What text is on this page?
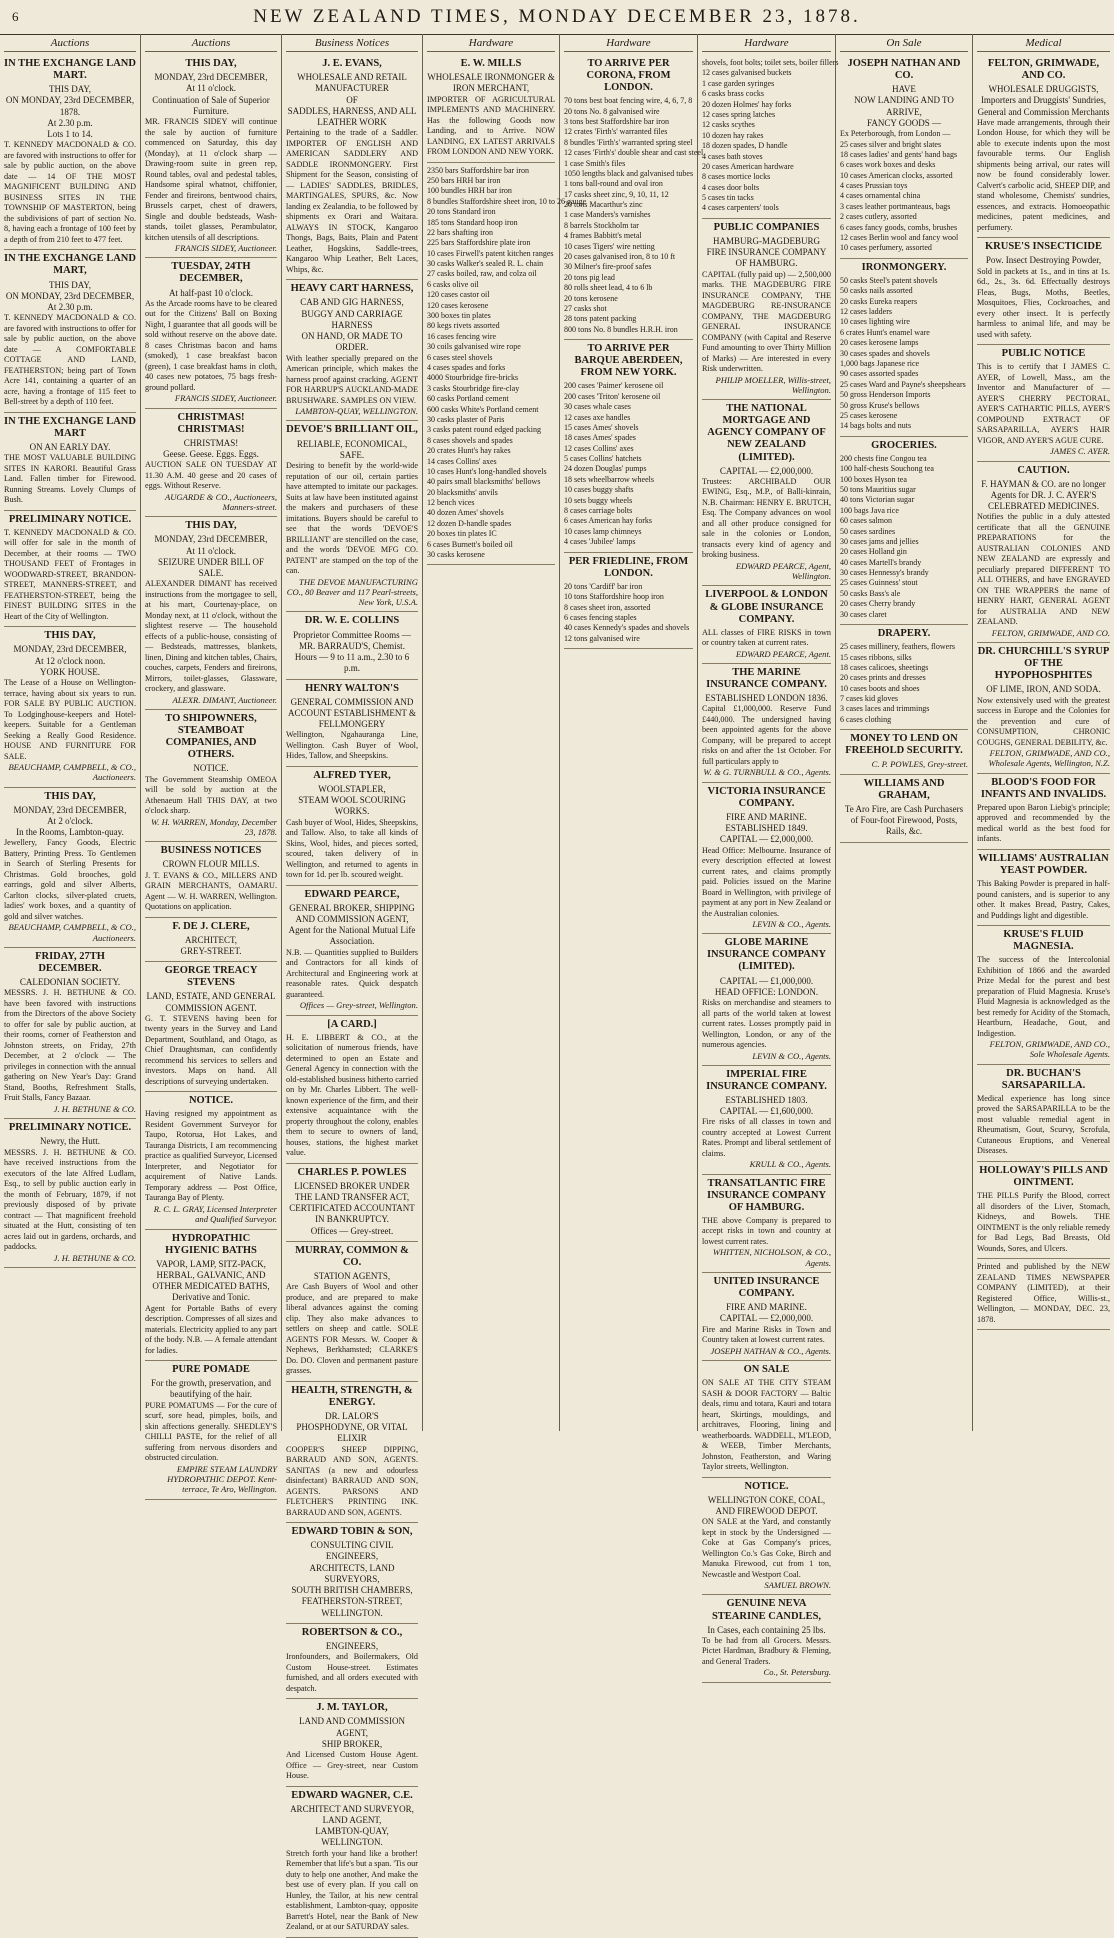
6	NEW ZEALAND TIMES, MONDAY DECEMBER 23, 1878.
Auctions
IN THE EXCHANGE LAND MART.
THIS DAY,
ON MONDAY, 23rd DECEMBER, 1878.
At 2.30 p.m.
Lots 1 to 14.
T. KENNEDY MACDONALD & CO. are favored with instructions to offer for sale by public auction, on the above date — 14 OF THE MOST MAGNIFICENT BUILDING AND BUSINESS SITES IN THE TOWNSHIP OF MASTERTON, being the subdivisions of part of section No. 8, having each a frontage of 100 feet by a depth of from 210 feet to 477 feet.
IN THE EXCHANGE LAND MART,
THIS DAY,
ON MONDAY, 23rd DECEMBER,
At 2.30 p.m.
T. KENNEDY MACDONALD & CO. are favored with instructions to offer for sale by public auction, on the above date — A COMFORTABLE COTTAGE AND LAND, FEATHERSTON; being part of Town Acre 141, containing a quarter of an acre, having a frontage of 115 feet to Bell-street by a depth of 110 feet.
IN THE EXCHANGE LAND MART
ON AN EARLY DAY.
THE MOST VALUABLE BUILDING SITES IN KARORI. Beautiful Grass Land. Fallen timber for Firewood. Running Streams. Lovely Clumps of Bush.
PRELIMINARY NOTICE.
T. KENNEDY MACDONALD & CO. will offer for sale in the month of December, at their rooms — TWO THOUSAND FEET of Frontages in WOODWARD-STREET, BRANDON-STREET, MANNERS-STREET, and FEATHERSTON-STREET, being the FINEST BUILDING SITES in the Heart of the City of Wellington.
THIS DAY,
MONDAY, 23rd DECEMBER,
At 12 o'clock noon.
YORK HOUSE.
The Lease of a House on Wellington-terrace, having about six years to run. FOR SALE BY PUBLIC AUCTION. To Lodginghouse-keepers and Hotel-keepers. Suitable for a Gentleman Seeking a Really Good Residence. HOUSE AND FURNITURE FOR SALE.
BEAUCHAMP, CAMPBELL, & CO., Auctioneers.
THIS DAY,
MONDAY, 23rd DECEMBER,
At 2 o'clock.
In the Rooms, Lambton-quay.
Jewellery, Fancy Goods, Electric Battery, Printing Press. To Gentlemen in Search of Sterling Presents for Christmas. Gold brooches, gold earrings, gold and silver Alberts, Carlton clocks, silver-plated cruets, ladies' work boxes, and a quantity of gold and silver watches.
BEAUCHAMP, CAMPBELL, & CO., Auctioneers.
FRIDAY, 27TH DECEMBER.
CALEDONIAN SOCIETY.
MESSRS. J. H. BETHUNE & CO. have been favored with instructions from the Directors of the above Society to offer for sale by public auction, at their rooms, corner of Featherston and Johnston streets, on Friday, 27th December, at 2 o'clock — The privileges in connection with the annual gathering on New Year's Day: Grand Stand, Booths, Refreshment Stalls, Fruit Stalls, Fancy Bazaar.
J. H. BETHUNE & CO.
PRELIMINARY NOTICE.
Newry, the Hutt.
MESSRS. J. H. BETHUNE & CO. have received instructions from the executors of the late Alfred Ludlam, Esq., to sell by public auction early in the month of February, 1879, if not previously disposed of by private contract — That magnificent freehold situated at the Hutt, consisting of ten acres laid out in gardens, orchards, and paddocks.
J. H. BETHUNE & CO.
Auctions
THIS DAY,
MONDAY, 23rd DECEMBER,
At 11 o'clock.
Continuation of Sale of Superior Furniture.
MR. FRANCIS SIDEY will continue the sale by auction of furniture commenced on Saturday, this day (Monday), at 11 o'clock sharp — Drawing-room suite in green rep, Round tables, oval and pedestal tables, Handsome spiral whatnot, chiffonier, Fender and fireirons, bentwood chairs, Brussels carpet, chest of drawers, Single and double bedsteads, Wash-stands, toilet glasses, Perambulator, kitchen utensils of all descriptions.
FRANCIS SIDEY, Auctioneer.
TUESDAY, 24TH DECEMBER,
At half-past 10 o'clock.
As the Arcade rooms have to be cleared out for the Citizens' Ball on Boxing Night, I guarantee that all goods will be sold without reserve on the above date. 8 cases Christmas bacon and hams (smoked), 1 case breakfast bacon (green), 1 case breakfast hams in cloth, 40 cases new potatoes, 75 bags fresh-ground pollard.
FRANCIS SIDEY, Auctioneer.
CHRISTMAS! CHRISTMAS!
CHRISTMAS!
Geese. Geese. Eggs. Eggs.
AUCTION SALE ON TUESDAY AT 11.30 A.M. 40 geese and 20 cases of eggs. Without Reserve.
AUGARDE & CO., Auctioneers, Manners-street.
THIS DAY,
MONDAY, 23rd DECEMBER,
At 11 o'clock.
SEIZURE UNDER BILL OF SALE.
ALEXANDER DIMANT has received instructions from the mortgagee to sell, at his mart, Courtenay-place, on Monday next, at 11 o'clock, without the slightest reserve — The household effects of a public-house, consisting of — Bedsteads, mattresses, blankets, linen, Dining and kitchen tables, Chairs, couches, carpets, Fenders and fireirons, Mirrors, toilet-glasses, Glassware, crockery, and glassware.
ALEXR. DIMANT, Auctioneer.
TO SHIPOWNERS, STEAMBOAT COMPANIES, AND OTHERS.
NOTICE.
The Government Steamship OMEOA will be sold by auction at the Athenaeum Hall THIS DAY, at two o'clock sharp.
W. H. WARREN, Monday, December 23, 1878.
BUSINESS NOTICES
CROWN FLOUR MILLS.
J. T. EVANS & CO., MILLERS AND GRAIN MERCHANTS, OAMARU. Agent — W. H. WARREN, Wellington. Quotations on application.
F. DE J. CLERE,
ARCHITECT,
GREY-STREET.
GEORGE TREACY STEVENS
LAND, ESTATE, AND GENERAL COMMISSION AGENT.
G. T. STEVENS having been for twenty years in the Survey and Land Department, Southland, and Otago, as Chief Draughtsman, can confidently recommend his services to sellers and investors. Maps on hand. All descriptions of surveying undertaken.
NOTICE.
Having resigned my appointment as Resident Government Surveyor for Taupo, Rotorua, Hot Lakes, and Tauranga Districts, I am recommencing practice as qualified Surveyor, Licensed Interpreter, and Negotiator for acquirement of Native Lands. Temporary address — Post Office, Tauranga Bay of Plenty.
R. C. L. GRAY, Licensed Interpreter and Qualified Surveyor.
HYDROPATHIC HYGIENIC BATHS
VAPOR, LAMP, SITZ-PACK, HERBAL, GALVANIC, AND OTHER MEDICATED BATHS,
Derivative and Tonic.
Agent for Portable Baths of every description. Compresses of all sizes and materials. Electricity applied to any part of the body. N.B. — A female attendant for ladies.
PURE POMADE
For the growth, preservation, and beautifying of the hair.
PURE POMATUMS — For the cure of scurf, sore head, pimples, boils, and skin affections generally. SHEDLEY'S CHILLI PASTE, for the relief of all suffering from nervous disorders and obstructed circulation.
EMPIRE STEAM LAUNDRY HYDROPATHIC DEPOT. Kent-terrace, Te Aro, Wellington.
Business Notices
J. E. EVANS,
WHOLESALE AND RETAIL MANUFACTURER
OF
SADDLES, HARNESS, AND ALL LEATHER WORK
Pertaining to the trade of a Saddler. IMPORTER OF ENGLISH AND AMERICAN SADDLERY AND SADDLE IRONMONGERY. First Shipment for the Season, consisting of — LADIES' SADDLES, BRIDLES, MARTINGALES, SPURS, &c. Now landing ex Zealandia, to be followed by shipments ex Orari and Waitara. ALWAYS IN STOCK, Kangaroo Thongs, Bags, Baits, Plain and Patent Leather, Hogskins, Saddle-trees, Kangaroo Whip Leather, Belt Laces, Whips, &c.
HEAVY CART HARNESS,
CAB AND GIG HARNESS,
BUGGY AND CARRIAGE HARNESS
ON HAND, OR MADE TO ORDER.
With leather specially prepared on the American principle, which makes the harness proof against cracking. AGENT FOR HARRUP'S AUCKLAND-MADE BRUSHWARE. SAMPLES ON VIEW.
LAMBTON-QUAY, WELLINGTON.
DEVOE'S BRILLIANT OIL,
RELIABLE, ECONOMICAL, SAFE.
Desiring to benefit by the world-wide reputation of our oil, certain parties have attempted to imitate our packages. Suits at law have been instituted against the makers and purchasers of these imitations. Buyers should be careful to see that the words 'DEVOE'S BRILLIANT' are stencilled on the case, and the words 'DEVOE MFG CO. PATENT' are stamped on the top of the can.
THE DEVOE MANUFACTURING CO., 80 Beaver and 117 Pearl-streets, New York, U.S.A.
DR. W. E. COLLINS
Proprietor Committee Rooms — MR. BARRAUD'S, Chemist.
Hours — 9 to 11 a.m., 2.30 to 6 p.m.
HENRY WALTON'S
GENERAL COMMISSION AND ACCOUNT ESTABLISHMENT & FELLMONGERY
Wellington, Ngahauranga Line, Wellington. Cash Buyer of Wool, Hides, Tallow, and Sheepskins.
ALFRED TYER,
WOOLSTAPLER,
STEAM WOOL SCOURING WORKS.
Cash buyer of Wool, Hides, Sheepskins, and Tallow. Also, to take all kinds of Skins, Wool, hides, and pieces sorted, scoured, taken delivery of in Wellington, and returned to agents in town for 1d. per lb. scoured weight.
EDWARD PEARCE,
GENERAL BROKER, SHIPPING AND COMMISSION AGENT,
Agent for the National Mutual Life Association.
N.B. — Quantities supplied to Builders and Contractors for all kinds of Architectural and Engineering work at reasonable rates. Quick despatch guaranteed.
Offices — Grey-street, Wellington.
[A CARD.]
H. E. LIBBERT & CO., at the solicitation of numerous friends, have determined to open an Estate and General Agency in connection with the old-established business hitherto carried on by Mr. Charles Libbert. The well-known experience of the firm, and their extensive acquaintance with the property throughout the colony, enables them to secure to owners of land, houses, stations, the highest market value.
CHARLES P. POWLES
LICENSED BROKER UNDER THE LAND TRANSFER ACT,
CERTIFICATED ACCOUNTANT IN BANKRUPTCY.
Offices — Grey-street.
MURRAY, COMMON & CO.
STATION AGENTS,
Are Cash Buyers of Wool and other produce, and are prepared to make liberal advances against the coming clip. They also make advances to settlers on sheep and cattle. SOLE AGENTS FOR Messrs. W. Cooper & Nephews, Berkhamsted; CLARKE'S Do. DO. Cloven and permanent pasture grasses.
HEALTH, STRENGTH, & ENERGY.
DR. LALOR'S
PHOSPHODYNE, OR VITAL ELIXIR
COOPER'S SHEEP DIPPING, BARRAUD AND SON, AGENTS. SANITAS (a new and odourless disinfectant) BARRAUD AND SON, AGENTS. PARSONS AND FLETCHER'S PRINTING INK. BARRAUD AND SON, AGENTS.
EDWARD TOBIN & SON,
CONSULTING CIVIL ENGINEERS,
ARCHITECTS, LAND SURVEYORS,
SOUTH BRITISH CHAMBERS,
FEATHERSTON-STREET, WELLINGTON.
ROBERTSON & CO.,
ENGINEERS,
Ironfounders, and Boilermakers, Old Custom House-street. Estimates furnished, and all orders executed with despatch.
J. M. TAYLOR,
LAND AND COMMISSION AGENT,
SHIP BROKER,
And Licensed Custom House Agent. Office — Grey-street, near Custom House.
EDWARD WAGNER, C.E.
ARCHITECT AND SURVEYOR,
LAND AGENT,
LAMBTON-QUAY, WELLINGTON.
Stretch forth your hand like a brother! Remember that life's but a span. 'Tis our duty to help one another, And make the best use of every plan. If you call on Hunley, the Tailor, at his new central establishment, Lambton-quay, opposite Barrett's Hotel, near the Bank of New Zealand, or at our SATURDAY sales.
Hardware
E. W. MILLS
WHOLESALE IRONMONGER & IRON MERCHANT,
IMPORTER OF AGRICULTURAL IMPLEMENTS AND MACHINERY. Has the following Goods now Landing, and to Arrive. NOW LANDING, EX LATEST ARRIVALS FROM LONDON AND NEW YORK.
2350 bars Staffordshire bar iron
250 bars HRH bar iron
100 bundles HRH bar iron
8 bundles Staffordshire sheet iron, 10 to 26 gauge
20 tons Standard iron
185 tons Standard hoop iron
22 bars shafting iron
225 bars Staffordshire plate iron
10 cases Firwell's patent kitchen ranges
30 casks Walker's sealed R. L. chain
27 casks boiled, raw, and colza oil
6 casks olive oil
120 cases castor oil
120 cases kerosene
300 boxes tin plates
80 kegs rivets assorted
16 cases fencing wire
30 coils galvanised wire rope
6 cases steel shovels
4 cases spades and forks
4000 Stourbridge fire-bricks
3 casks Stourbridge fire-clay
60 casks Portland cement
600 casks White's Portland cement
30 casks plaster of Paris
3 casks patent round edged packing
8 cases shovels and spades
20 crates Hunt's hay rakes
14 cases Collins' axes
10 cases Hunt's long-handled shovels
40 pairs small blacksmiths' bellows
20 blacksmiths' anvils
12 bench vices
40 dozen Ames' shovels
12 dozen D-handle spades
20 boxes tin plates IC
6 cases Burnett's boiled oil
30 casks kerosene
Hardware
TO ARRIVE PER CORONA, FROM LONDON.
70 tons best boat fencing wire, 4, 6, 7, 8
20 tons No. 8 galvanised wire
3 tons best Staffordshire bar iron
12 crates 'Firth's' warranted files
8 bundles 'Firth's' warranted spring steel
12 cases 'Firth's' double shear and cast steel
1 case Smith's files
1050 lengths black and galvanised tubes
1 tons ball-round and oval iron
17 casks sheet zinc, 9, 10, 11, 12
20 tons Macarthur's zinc
1 case Manders's varnishes
8 barrels Stockholm tar
4 frames Babbitt's metal
10 cases Tigers' wire netting
20 cases galvanised iron, 8 to 10 ft
30 Milner's fire-proof safes
20 tons pig lead
80 rolls sheet lead, 4 to 6 lb
20 tons kerosene
27 casks shot
28 tons patent packing
800 tons No. 8 bundles H.R.H. iron
TO ARRIVE PER BARQUE ABERDEEN, FROM NEW YORK.
200 cases 'Paimer' kerosene oil
200 cases 'Triton' kerosene oil
30 cases whale cases
12 cases axe handles
15 cases Ames' shovels
18 cases Ames' spades
12 cases Collins' axes
5 cases Collins' hatchets
24 dozen Douglas' pumps
18 sets wheelbarrow wheels
10 cases buggy shafts
10 sets buggy wheels
8 cases carriage bolts
6 cases American hay forks
10 cases lamp chimneys
4 cases 'Jubilee' lamps
PER FRIEDLINE, FROM LONDON.
20 tons 'Cardiff' bar iron
10 tons Staffordshire hoop iron
8 cases sheet iron, assorted
6 cases fencing staples
40 cases Kennedy's spades and shovels
12 tons galvanised wire
Hardware
shovels, foot bolts; toilet sets, boiler fillers
12 cases galvanised buckets
1 case garden syringes
6 casks brass cocks
20 dozen Holmes' hay forks
12 cases spring latches
12 casks scythes
10 dozen hay rakes
18 dozen spades, D handle
4 cases bath stoves
20 cases American hardware
8 cases mortice locks
4 cases door bolts
5 cases tin tacks
4 cases carpenters' tools
PUBLIC COMPANIES
HAMBURG-MAGDEBURG
FIRE INSURANCE COMPANY OF HAMBURG.
CAPITAL (fully paid up) — 2,500,000 marks. THE MAGDEBURG FIRE INSURANCE COMPANY, THE MAGDEBURG RE-INSURANCE COMPANY, THE MAGDEBURG GENERAL INSURANCE COMPANY (with Capital and Reserve Fund amounting to over Thirty Million of Marks) — Are interested in every Risk underwritten.
PHILIP MOELLER, Willis-street, Wellington.
THE NATIONAL MORTGAGE AND AGENCY COMPANY OF NEW ZEALAND (LIMITED).
CAPITAL — £2,000,000.
Trustees: ARCHIBALD OUR EWING, Esq., M.P., of Balli-kinrain, N.B. Chairman: HENRY E. BRUTCH, Esq. The Company advances on wool and all other produce consigned for sale in the colonies or London, transacts every kind of agency and broking business.
EDWARD PEARCE, Agent, Wellington.
LIVERPOOL & LONDON & GLOBE INSURANCE COMPANY.
ALL classes of FIRE RISKS in town or country taken at current rates.
EDWARD PEARCE, Agent.
THE MARINE INSURANCE COMPANY.
ESTABLISHED LONDON 1836.
Capital £1,000,000. Reserve Fund £440,000. The undersigned having been appointed agents for the above Company, will be prepared to accept risks on and after the 1st October. For full particulars apply to
W. & G. TURNBULL & CO., Agents.
VICTORIA INSURANCE COMPANY.
FIRE AND MARINE.
ESTABLISHED 1849.
CAPITAL — £2,000,000.
Head Office: Melbourne. Insurance of every description effected at lowest current rates, and claims promptly paid. Policies issued on the Marine Board in Wellington, with privilege of payment at any port in New Zealand or the Australian colonies.
LEVIN & CO., Agents.
GLOBE MARINE INSURANCE COMPANY (LIMITED).
CAPITAL — £1,000,000.
HEAD OFFICE: LONDON.
Risks on merchandise and steamers to all parts of the world taken at lowest current rates. Losses promptly paid in Wellington, London, or any of the numerous agencies.
LEVIN & CO., Agents.
IMPERIAL FIRE INSURANCE COMPANY.
ESTABLISHED 1803.
CAPITAL — £1,600,000.
Fire risks of all classes in town and country accepted at Lowest Current Rates. Prompt and liberal settlement of claims.
KRULL & CO., Agents.
TRANSATLANTIC FIRE INSURANCE COMPANY OF HAMBURG.
THE above Company is prepared to accept risks in town and country at lowest current rates.
WHITTEN, NICHOLSON, & CO., Agents.
UNITED INSURANCE COMPANY.
FIRE AND MARINE.
CAPITAL — £2,000,000.
Fire and Marine Risks in Town and Country taken at lowest current rates.
JOSEPH NATHAN & CO., Agents.
ON SALE
ON SALE AT THE CITY STEAM SASH & DOOR FACTORY — Baltic deals, rimu and totara, Kauri and totara heart, Skirtings, mouldings, and architraves, Flooring, lining and weatherboards. WADDELL, M'LEOD, & WEEB, Timber Merchants, Johnston, Featherston, and Waring Taylor streets, Wellington.
NOTICE.
WELLINGTON COKE, COAL, AND FIREWOOD DEPOT.
ON SALE at the Yard, and constantly kept in stock by the Undersigned — Coke at Gas Company's prices, Wellington Co.'s Gas Coke, Birch and Manuka Firewood, cut from 1 ton, Newcastle and Westport Coal.
SAMUEL BROWN.
GENUINE NEVA STEARINE CANDLES,
In Cases, each containing 25 lbs.
To be had from all Grocers. Messrs. Pictet Hardman, Bradbury & Fleming, and General Traders.
Co., St. Petersburg.
On Sale
JOSEPH NATHAN AND CO.
HAVE
NOW LANDING AND TO ARRIVE,
FANCY GOODS —
Ex Peterborough, from London —
25 cases silver and bright slates
18 cases ladies' and gents' hand bags
6 cases work boxes and desks
10 cases American clocks, assorted
4 cases Prussian toys
4 cases ornamental china
3 cases leather portmanteaus, bags
2 cases cutlery, assorted
6 cases fancy goods, combs, brushes
12 cases Berlin wool and fancy wool
10 cases perfumery, assorted
IRONMONGERY.
50 casks Steel's patent shovels
50 casks nails assorted
20 casks Eureka reapers
12 cases ladders
10 cases lighting wire
6 crates Hunt's enamel ware
20 cases kerosene lamps
30 cases spades and shovels
1,000 bags Japanese rice
90 cases assorted spades
25 cases Ward and Payne's sheepshears
50 gross Henderson Imports
50 gross Kruse's bellows
25 cases kerosene
14 bags bolts and nuts
GROCERIES.
200 chests fine Congou tea
100 half-chests Souchong tea
100 boxes Hyson tea
50 tons Mauritius sugar
40 tons Victorian sugar
100 bags Java rice
60 cases salmon
50 cases sardines
30 cases jams and jellies
20 cases Holland gin
40 cases Martell's brandy
30 cases Hennessy's brandy
25 cases Guinness' stout
50 casks Bass's ale
20 cases Cherry brandy
30 cases claret
DRAPERY.
25 cases millinery, feathers, flowers
15 cases ribbons, silks
18 cases calicoes, sheetings
20 cases prints and dresses
10 cases boots and shoes
7 cases kid gloves
3 cases laces and trimmings
6 cases clothing
MONEY TO LEND ON FREEHOLD SECURITY.
C. P. POWLES, Grey-street.
WILLIAMS AND GRAHAM,
Te Aro Fire, are Cash Purchasers of Four-foot Firewood, Posts, Rails, &c.
Medical
FELTON, GRIMWADE, AND CO.
WHOLESALE DRUGGISTS,
Importers and Druggists' Sundries,
General and Commission Merchants
Have made arrangements, through their London House, for which they will be able to execute indents upon the most favourable terms. Our English shipments being arrival, our rates will now be found considerably lower. Calvert's carbolic acid, SHEEP DIP, and stand wholesome, Chemists' sundries, essences, and extracts. Homoeopathic medicines, patent medicines, and perfumery.
KRUSE'S INSECTICIDE
Pow. Insect Destroying Powder,
Sold in packets at 1s., and in tins at 1s. 6d., 2s., 3s. 6d. Effectually destroys Fleas, Bugs, Moths, Beetles, Mosquitoes, Flies, Cockroaches, and every other insect. It is perfectly harmless to animal life, and may be used with safety.
PUBLIC NOTICE
This is to certify that I JAMES C. AYER, of Lowell, Mass., am the Inventor and Manufacturer of — AYER'S CHERRY PECTORAL, AYER'S CATHARTIC PILLS, AYER'S COMPOUND EXTRACT OF SARSAPARILLA, AYER'S HAIR VIGOR, AND AYER'S AGUE CURE.
JAMES C. AYER.
CAUTION.
F. HAYMAN & CO. are no longer Agents for DR. J. C. AYER'S CELEBRATED MEDICINES.
Notifies the public in a duly attested certificate that all the GENUINE PREPARATIONS for the AUSTRALIAN COLONIES AND NEW ZEALAND are expressly and peculiarly prepared DIFFERENT TO ALL OTHERS, and have ENGRAVED ON THE WRAPPERS the name of HENRY HART, GENERAL AGENT for AUSTRALIA AND NEW ZEALAND.
FELTON, GRIMWADE, AND CO.
DR. CHURCHILL'S SYRUP OF THE HYPOPHOSPHITES
OF LIME, IRON, AND SODA.
Now extensively used with the greatest success in Europe and the Colonies for the prevention and cure of CONSUMPTION, CHRONIC COUGHS, GENERAL DEBILITY, &c.
FELTON, GRIMWADE, AND CO., Wholesale Agents, Wellington, N.Z.
BLOOD'S FOOD FOR INFANTS AND INVALIDS.
Prepared upon Baron Liebig's principle; approved and recommended by the medical world as the best food for infants.
WILLIAMS' AUSTRALIAN YEAST POWDER.
This Baking Powder is prepared in half-pound canisters, and is superior to any other. It makes Bread, Pastry, Cakes, and Puddings light and digestible.
KRUSE'S FLUID MAGNESIA.
The success of the Intercolonial Exhibition of 1866 and the awarded Prize Medal for the purest and best preparation of Fluid Magnesia. Kruse's Fluid Magnesia is acknowledged as the best remedy for Acidity of the Stomach, Heartburn, Headache, Gout, and Indigestion.
FELTON, GRIMWADE, AND CO., Sole Wholesale Agents.
DR. BUCHAN'S SARSAPARILLA.
Medical experience has long since proved the SARSAPARILLA to be the most valuable remedial agent in Rheumatism, Gout, Scurvy, Scrofula, Cutaneous Eruptions, and Venereal Diseases.
HOLLOWAY'S PILLS AND OINTMENT.
THE PILLS Purify the Blood, correct all disorders of the Liver, Stomach, Kidneys, and Bowels. THE OINTMENT is the only reliable remedy for Bad Legs, Bad Breasts, Old Wounds, Sores, and Ulcers.
Printed and published by the NEW ZEALAND TIMES NEWSPAPER COMPANY (LIMITED), at their Registered Office, Willis-st., Wellington, — MONDAY, DEC. 23, 1878.
